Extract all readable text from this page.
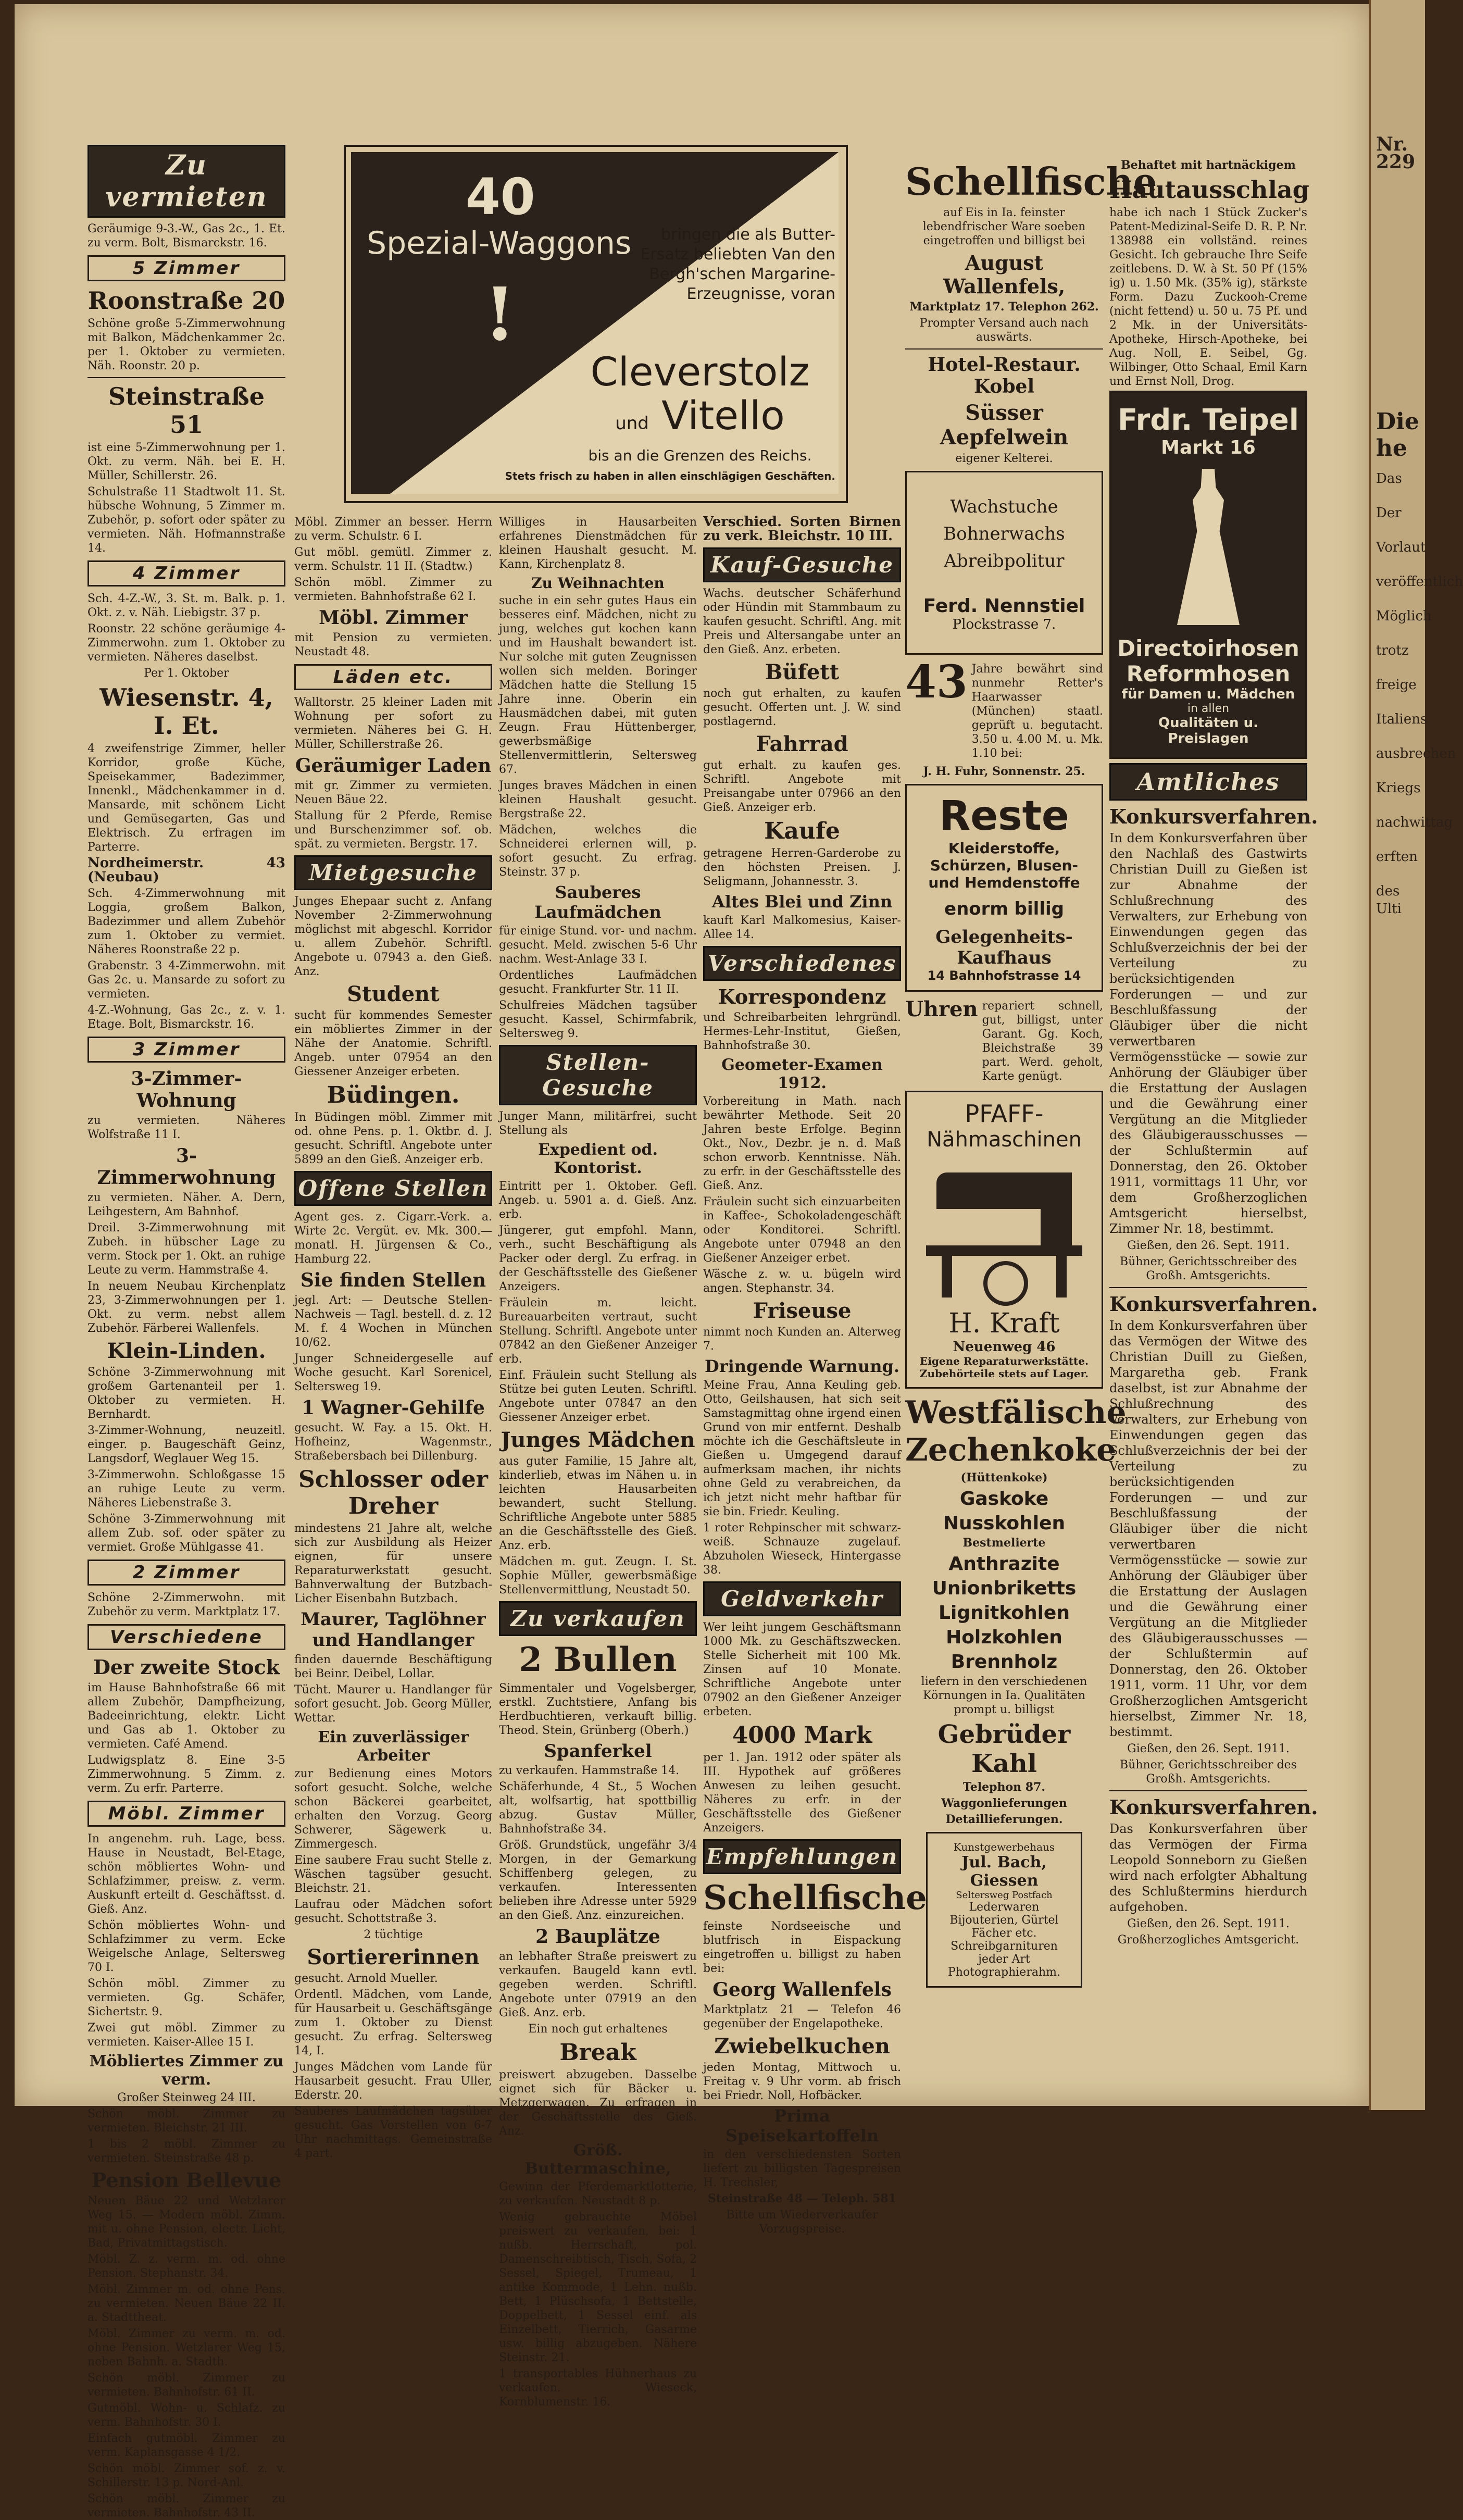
Nr. 229
Die he
Das
Der
Vorlaut
veröffentlich
Möglich
trotz
freige
Italiens
ausbrechen
Kriegs
nachwittag
erften
des Ulti
Zu vermieten
Geräumige 9-3.-W., Gas 2c., 1. Et. zu verm. Bolt, Bismarckstr. 16.
5 Zimmer
Roonstraße 20
Schöne große 5-Zimmerwohnung mit Balkon, Mädchenkammer 2c. per 1. Oktober zu vermieten. Näh. Roonstr. 20 p.
Steinstraße 51
ist eine 5-Zimmerwohnung per 1. Okt. zu verm. Näh. bei E. H. Müller, Schillerstr. 26.
Schulstraße 11 Stadtwolt 11. St. hübsche Wohnung, 5 Zimmer m. Zubehör, p. sofort oder später zu vermieten. Näh. Hofmannstraße 14.
4 Zimmer
Sch. 4-Z.-W., 3. St. m. Balk. p. 1. Okt. z. v. Näh. Liebigstr. 37 p.
Roonstr. 22 schöne geräumige 4-Zimmerwohn. zum 1. Oktober zu vermieten. Näheres daselbst.
Per 1. Oktober
Wiesenstr. 4, I. Et.
4 zweifenstrige Zimmer, heller Korridor, große Küche, Speisekammer, Badezimmer, Innenkl., Mädchenkammer in d. Mansarde, mit schönem Licht und Gemüsegarten, Gas und Elektrisch. Zu erfragen im Parterre.
Nordheimerstr. 43 (Neubau)
Sch. 4-Zimmerwohnung mit Loggia, großem Balkon, Badezimmer und allem Zubehör zum 1. Oktober zu vermiet. Näheres Roonstraße 22 p.
Grabenstr. 3 4-Zimmerwohn. mit Gas 2c. u. Mansarde zu sofort zu vermieten.
4-Z.-Wohnung, Gas 2c., z. v. 1. Etage. Bolt, Bismarckstr. 16.
3 Zimmer
3-Zimmer-Wohnung
zu vermieten. Näheres Wolfstraße 11 I.
3-Zimmerwohnung
zu vermieten. Näher. A. Dern, Leihgestern, Am Bahnhof.
Dreil. 3-Zimmerwohnung mit Zubeh. in hübscher Lage zu verm. Stock per 1. Okt. an ruhige Leute zu verm. Hammstraße 4.
In neuem Neubau Kirchenplatz 23, 3-Zimmerwohnungen per 1. Okt. zu verm. nebst allem Zubehör. Färberei Wallenfels.
Klein-Linden.
Schöne 3-Zimmerwohnung mit großem Gartenanteil per 1. Oktober zu vermieten. H. Bernhardt.
3-Zimmer-Wohnung, neuzeitl. einger. p. Baugeschäft Geinz, Langsdorf, Weglauer Weg 15.
3-Zimmerwohn. Schloßgasse 15 an ruhige Leute zu verm. Näheres Liebenstraße 3.
Schöne 3-Zimmerwohnung mit allem Zub. sof. oder später zu vermiet. Große Mühlgasse 41.
2 Zimmer
Schöne 2-Zimmerwohn. mit Zubehör zu verm. Marktplatz 17.
Verschiedene
Der zweite Stock
im Hause Bahnhofstraße 66 mit allem Zubehör, Dampfheizung, Badeeinrichtung, elektr. Licht und Gas ab 1. Oktober zu vermieten. Café Amend.
Ludwigsplatz 8. Eine 3-5 Zimmerwohnung. 5 Zimm. z. verm. Zu erfr. Parterre.
Möbl. Zimmer
In angenehm. ruh. Lage, bess. Hause in Neustadt, Bel-Etage, schön möbliertes Wohn- und Schlafzimmer, preisw. z. verm. Auskunft erteilt d. Geschäftsst. d. Gieß. Anz.
Schön möbliertes Wohn- und Schlafzimmer zu verm. Ecke Weigelsche Anlage, Seltersweg 70 I.
Schön möbl. Zimmer zu vermieten. Gg. Schäfer, Sichertstr. 9.
Zwei gut möbl. Zimmer zu vermieten. Kaiser-Allee 15 I.
Möbliertes Zimmer zu verm.
Großer Steinweg 24 III.
Schön möbl. Zimmer zu vermieten. Bleichstr. 21 III.
1 bis 2 möbl. Zimmer zu vermieten. Steinstraße 48 p.
Pension Bellevue
Neuen Bäue 22 und Wetzlarer Weg 15. — Modern möbl. Zimm. mit u. ohne Pension, electr. Licht, Bad, Privatmittagstisch.
Möbl. Z. z. verm. m. od. ohne Pension. Stephanstr. 34.
Möbl. Zimmer m. od. ohne Pens. zu vermieten. Neuen Bäue 22 II. a. Stadttheat.
Möbl. Zimmer zu verm. m. od. ohne Pension. Wetzlarer Weg 15, neben Bahnh. a. Stadth.
Schön möbl. Zimmer zu vermieten. Bahnhofstr. 61 II.
Gutmöbl. Wohn- u. Schlafz. zu verm. Bahnhofstr. 30 I.
Einfach gutmöbl. Zimmer zu verm. Kaplansgasse 4 1/2.
Schön möbl. Zimmer sof. z. v. Schillerstr. 13 p. Nord-Anl.
Schön möbl. Zimmer zu vermieten. Bahnhofstr. 43 II.
40
Spezial-Waggons
!
bringen die als Butter-Ersatz beliebten Van den Bergh'schen Margarine-Erzeugnisse, voran
Cleverstolz
und Vitello
bis an die Grenzen des Reichs.
Stets frisch zu haben in allen einschlägigen Geschäften.
Möbl. Zimmer an besser. Herrn zu verm. Schulstr. 6 I.
Gut möbl. gemütl. Zimmer z. verm. Schulstr. 11 II. (Stadtw.)
Schön möbl. Zimmer zu vermieten. Bahnhofstraße 62 I.
Möbl. Zimmer
mit Pension zu vermieten. Neustadt 48.
Läden etc.
Walltorstr. 25 kleiner Laden mit Wohnung per sofort zu vermieten. Näheres bei G. H. Müller, Schillerstraße 26.
Geräumiger Laden
mit gr. Zimmer zu vermieten. Neuen Bäue 22.
Stallung für 2 Pferde, Remise und Burschenzimmer sof. ob. spät. zu vermieten. Bergstr. 17.
Mietgesuche
Junges Ehepaar sucht z. Anfang November 2-Zimmerwohnung möglichst mit abgeschl. Korridor u. allem Zubehör. Schriftl. Angebote u. 07943 a. den Gieß. Anz.
Student
sucht für kommendes Semester ein möbliertes Zimmer in der Nähe der Anatomie. Schriftl. Angeb. unter 07954 an den Giessener Anzeiger erbeten.
Büdingen.
In Büdingen möbl. Zimmer mit od. ohne Pens. p. 1. Oktbr. d. J. gesucht. Schriftl. Angebote unter 5899 an den Gieß. Anzeiger erb.
Offene Stellen
Agent ges. z. Cigarr.-Verk. a. Wirte 2c. Vergüt. ev. Mk. 300.— monatl. H. Jürgensen & Co., Hamburg 22.
Sie finden Stellen
jegl. Art: — Deutsche Stellen-Nachweis — Tagl. bestell. d. z. 12 M. f. 4 Wochen in München 10/62.
Junger Schneidergeselle auf Woche gesucht. Karl Sorenicel, Seltersweg 19.
1 Wagner-Gehilfe
gesucht. W. Fay. a 15. Okt. H. Hofheinz, Wagenmstr., Straßebersbach bei Dillenburg.
Schlosser oder Dreher
mindestens 21 Jahre alt, welche sich zur Ausbildung als Heizer eignen, für unsere Reparaturwerkstatt gesucht. Bahnverwaltung der Butzbach-Licher Eisenbahn Butzbach.
Maurer, Taglöhner und Handlanger
finden dauernde Beschäftigung bei Beinr. Deibel, Lollar.
Tücht. Maurer u. Handlanger für sofort gesucht. Job. Georg Müller, Wettar.
Ein zuverlässiger Arbeiter
zur Bedienung eines Motors sofort gesucht. Solche, welche schon Bäckerei gearbeitet, erhalten den Vorzug. Georg Schwerer, Sägewerk u. Zimmergesch.
Eine saubere Frau sucht Stelle z. Wäschen tagsüber gesucht. Bleichstr. 21.
Laufrau oder Mädchen sofort gesucht. Schottstraße 3.
2 tüchtige
Sortiererinnen
gesucht. Arnold Mueller.
Ordentl. Mädchen, vom Lande, für Hausarbeit u. Geschäftsgänge zum 1. Oktober zu Dienst gesucht. Zu erfrag. Seltersweg 14, I.
Junges Mädchen vom Lande für Hausarbeit gesucht. Frau Uller, Ederstr. 20.
Sauberes Laufmädchen tagsüber gesucht. Gas Vorstellen von 6-7 Uhr nachmittags. Gemeinstraße 4 part.
Williges in Hausarbeiten erfahrenes Dienstmädchen für kleinen Haushalt gesucht. M. Kann, Kirchenplatz 8.
Zu Weihnachten
suche in ein sehr gutes Haus ein besseres einf. Mädchen, nicht zu jung, welches gut kochen kann und im Haushalt bewandert ist. Nur solche mit guten Zeugnissen wollen sich melden. Boringer Mädchen hatte die Stellung 15 Jahre inne. Oberin ein Hausmädchen dabei, mit guten Zeugn. Frau Hüttenberger, gewerbsmäßige Stellenvermittlerin, Seltersweg 67.
Junges braves Mädchen in einen kleinen Haushalt gesucht. Bergstraße 22.
Mädchen, welches die Schneiderei erlernen will, p. sofort gesucht. Zu erfrag. Steinstr. 37 p.
Sauberes Laufmädchen
für einige Stund. vor- und nachm. gesucht. Meld. zwischen 5-6 Uhr nachm. West-Anlage 33 I.
Ordentliches Laufmädchen gesucht. Frankfurter Str. 11 II.
Schulfreies Mädchen tagsüber gesucht. Kassel, Schirmfabrik, Seltersweg 9.
Stellen-Gesuche
Junger Mann, militärfrei, sucht Stellung als
Expedient od. Kontorist.
Eintritt per 1. Oktober. Gefl. Angeb. u. 5901 a. d. Gieß. Anz. erb.
Jüngerer, gut empfohl. Mann, verh., sucht Beschäftigung als Packer oder dergl. Zu erfrag. in der Geschäftsstelle des Gießener Anzeigers.
Fräulein m. leicht. Bureauarbeiten vertraut, sucht Stellung. Schriftl. Angebote unter 07842 an den Gießener Anzeiger erb.
Einf. Fräulein sucht Stellung als Stütze bei guten Leuten. Schriftl. Angebote unter 07847 an den Giessener Anzeiger erbet.
Junges Mädchen
aus guter Familie, 15 Jahre alt, kinderlieb, etwas im Nähen u. in leichten Hausarbeiten bewandert, sucht Stellung. Schriftliche Angebote unter 5885 an die Geschäftsstelle des Gieß. Anz. erb.
Mädchen m. gut. Zeugn. I. St. Sophie Müller, gewerbsmäßige Stellenvermittlung, Neustadt 50.
Zu verkaufen
2 Bullen
Simmentaler und Vogelsberger, erstkl. Zuchtstiere, Anfang bis Herdbuchtieren, verkauft billig. Theod. Stein, Grünberg (Oberh.)
Spanferkel
zu verkaufen. Hammstraße 14.
Schäferhunde, 4 St., 5 Wochen alt, wolfsartig, hat spottbillig abzug. Gustav Müller, Bahnhofstraße 34.
Größ. Grundstück, ungefähr 3/4 Morgen, in der Gemarkung Schiffenberg gelegen, zu verkaufen. Interessenten belieben ihre Adresse unter 5929 an den Gieß. Anz. einzureichen.
2 Bauplätze
an lebhafter Straße preiswert zu verkaufen. Baugeld kann evtl. gegeben werden. Schriftl. Angebote unter 07919 an den Gieß. Anz. erb.
Ein noch gut erhaltenes
Break
preiswert abzugeben. Dasselbe eignet sich für Bäcker u. Metzgerwagen. Zu erfragen in der Geschäftsstelle des Gieß. Anz.
Größ. Buttermaschine,
Gewinn der Pferdemarktlotterie, zu verkaufen. Neustadt 8 p.
Wenig gebrauchte Möbel preiswert zu verkaufen, bei: 1 nußb. Herrschaft, pol. Damenschreibtisch, Tisch, Sofa, 2 Sessel, Spiegel, Trumeau, 1 antike Kommode, 1 Lehn. nußb. Bett, 1 Plüschsofa, 1 Bettstelle, Doppelbett, 1 Sessel einf. als Einzelbett, Tierrich, Gasarme usw. billig abzugeben. Nähere Steinstr. 21.
1 transportables Hühnerhaus zu verkaufen. Wieseck, Kornblumenstr. 16.
Verschied. Sorten Birnen zu verk. Bleichstr. 10 III.
Kauf-Gesuche
Wachs. deutscher Schäferhund oder Hündin mit Stammbaum zu kaufen gesucht. Schriftl. Ang. mit Preis und Altersangabe unter an den Gieß. Anz. erbeten.
Büfett
noch gut erhalten, zu kaufen gesucht. Offerten unt. J. W. sind postlagernd.
Fahrrad
gut erhalt. zu kaufen ges. Schriftl. Angebote mit Preisangabe unter 07966 an den Gieß. Anzeiger erb.
Kaufe
getragene Herren-Garderobe zu den höchsten Preisen. J. Seligmann, Johannesstr. 3.
Altes Blei und Zinn
kauft Karl Malkomesius, Kaiser-Allee 14.
Verschiedenes
Korrespondenz
und Schreibarbeiten lehrgründl. Hermes-Lehr-Institut, Gießen, Bahnhofstraße 30.
Geometer-Examen 1912.
Vorbereitung in Math. nach bewährter Methode. Seit 20 Jahren beste Erfolge. Beginn Okt., Nov., Dezbr. je n. d. Maß schon erworb. Kenntnisse. Näh. zu erfr. in der Geschäftsstelle des Gieß. Anz.
Fräulein sucht sich einzuarbeiten in Kaffee-, Schokoladengeschäft oder Konditorei. Schriftl. Angebote unter 07948 an den Gießener Anzeiger erbet.
Wäsche z. w. u. bügeln wird angen. Stephanstr. 34.
Friseuse
nimmt noch Kunden an. Alterweg 7.
Dringende Warnung.
Meine Frau, Anna Keuling geb. Otto, Geilshausen, hat sich seit Samstagmittag ohne irgend einen Grund von mir entfernt. Deshalb möchte ich die Geschäftsleute in Gießen u. Umgegend darauf aufmerksam machen, ihr nichts ohne Geld zu verabreichen, da ich jetzt nicht mehr haftbar für sie bin. Friedr. Keuling.
1 roter Rehpinscher mit schwarz-weiß. Schnauze zugelauf. Abzuholen Wieseck, Hintergasse 38.
Geldverkehr
Wer leiht jungem Geschäftsmann 1000 Mk. zu Geschäftszwecken. Stelle Sicherheit mit 100 Mk. Zinsen auf 10 Monate. Schriftliche Angebote unter 07902 an den Gießener Anzeiger erbeten.
4000 Mark
per 1. Jan. 1912 oder später als III. Hypothek auf größeres Anwesen zu leihen gesucht. Näheres zu erfr. in der Geschäftsstelle des Gießener Anzeigers.
Empfehlungen
Schellfische
feinste Nordseeische und blutfrisch in Eispackung eingetroffen u. billigst zu haben bei:
Georg Wallenfels
Marktplatz 21 — Telefon 46 gegenüber der Engelapotheke.
Zwiebelkuchen
jeden Montag, Mittwoch u. Freitag v. 9 Uhr vorm. ab frisch bei Friedr. Noll, Hofbäcker.
Prima Speisekartoffeln
in den verschiedensten Sorten liefert zu billigsten Tagespreisen H. Trechsler,
Steinstraße 48 — Teleph. 581
Bitte um Wiederverkaufer Vorzugspreise.
Schellfische
auf Eis in Ia. feinster lebendfrischer Ware soeben eingetroffen und billigst bei
August Wallenfels,
Marktplatz 17. Telephon 262.
Prompter Versand auch nach auswärts.
Hotel-Restaur. Kobel
Süsser Aepfelwein
eigener Kelterei.
Wachstuche
Bohnerwachs
Abreibpolitur
Ferd. Nennstiel
Plockstrasse 7.
43 Jahre bewährt sind nunmehr Retter's Haarwasser (München) staatl. geprüft u. begutacht. 3.50 u. 4.00 M. u. Mk. 1.10 bei:
J. H. Fuhr, Sonnenstr. 25.
Reste
Kleiderstoffe,
Schürzen, Blusen- und Hemdenstoffe
enorm billig
Gelegenheits-Kaufhaus
14 Bahnhofstrasse 14
Uhren repariert schnell, gut, billigst, unter Garant. Gg. Koch, Bleichstraße 39 part. Werd. geholt, Karte genügt.
PFAFF-
Nähmaschinen
H. Kraft
Neuenweg 46
Eigene Reparaturwerkstätte. Zubehörteile stets auf Lager.
Westfälische Zechenkoke
(Hüttenkoke)
Gaskoke
Nusskohlen
Bestmelierte
Anthrazite
Unionbriketts
Lignitkohlen
Holzkohlen
Brennholz
liefern in den verschiedenen Körnungen in Ia. Qualitäten prompt u. billigst
Gebrüder Kahl
Telephon 87.
Waggonlieferungen
Detaillieferungen.
Kunstgewerbehaus
Jul. Bach, Giessen
Seltersweg Postfach
Lederwaren
Bijouterien, Gürtel
Fächer etc.
Schreibgarnituren
jeder Art
Photographierahm.
Behaftet mit hartnäckigem
Hautausschlag
habe ich nach 1 Stück Zucker's Patent-Medizinal-Seife D. R. P. Nr. 138988 ein vollständ. reines Gesicht. Ich gebrauche Ihre Seife zeitlebens. D. W. à St. 50 Pf (15% ig) u. 1.50 Mk. (35% ig), stärkste Form. Dazu Zuckooh-Creme (nicht fettend) u. 50 u. 75 Pf. und 2 Mk. in der Universitäts-Apotheke, Hirsch-Apotheke, bei Aug. Noll, E. Seibel, Gg. Wilbinger, Otto Schaal, Emil Karn und Ernst Noll, Drog.
Frdr. Teipel
Markt 16
Directoirhosen
Reformhosen
für Damen u. Mädchen
in allen
Qualitäten u. Preislagen
Amtliches
Konkursverfahren.
In dem Konkursverfahren über den Nachlaß des Gastwirts Christian Duill zu Gießen ist zur Abnahme der Schlußrechnung des Verwalters, zur Erhebung von Einwendungen gegen das Schlußverzeichnis der bei der Verteilung zu berücksichtigenden Forderungen — und zur Beschlußfassung der Gläubiger über die nicht verwertbaren Vermögensstücke — sowie zur Anhörung der Gläubiger über die Erstattung der Auslagen und die Gewährung einer Vergütung an die Mitglieder des Gläubigerausschusses — der Schlußtermin auf Donnerstag, den 26. Oktober 1911, vormittags 11 Uhr, vor dem Großherzoglichen Amtsgericht hierselbst, Zimmer Nr. 18, bestimmt.
Gießen, den 26. Sept. 1911.
Bühner, Gerichtsschreiber des Großh. Amtsgerichts.
Konkursverfahren.
In dem Konkursverfahren über das Vermögen der Witwe des Christian Duill zu Gießen, Margaretha geb. Frank daselbst, ist zur Abnahme der Schlußrechnung des Verwalters, zur Erhebung von Einwendungen gegen das Schlußverzeichnis der bei der Verteilung zu berücksichtigenden Forderungen — und zur Beschlußfassung der Gläubiger über die nicht verwertbaren Vermögensstücke — sowie zur Anhörung der Gläubiger über die Erstattung der Auslagen und die Gewährung einer Vergütung an die Mitglieder des Gläubigerausschusses — der Schlußtermin auf Donnerstag, den 26. Oktober 1911, vorm. 11 Uhr, vor dem Großherzoglichen Amtsgericht hierselbst, Zimmer Nr. 18, bestimmt.
Gießen, den 26. Sept. 1911.
Bühner, Gerichtsschreiber des Großh. Amtsgerichts.
Konkursverfahren.
Das Konkursverfahren über das Vermögen der Firma Leopold Sonneborn zu Gießen wird nach erfolgter Abhaltung des Schlußtermins hierdurch aufgehoben.
Gießen, den 26. Sept. 1911.
Großherzogliches Amtsgericht.
